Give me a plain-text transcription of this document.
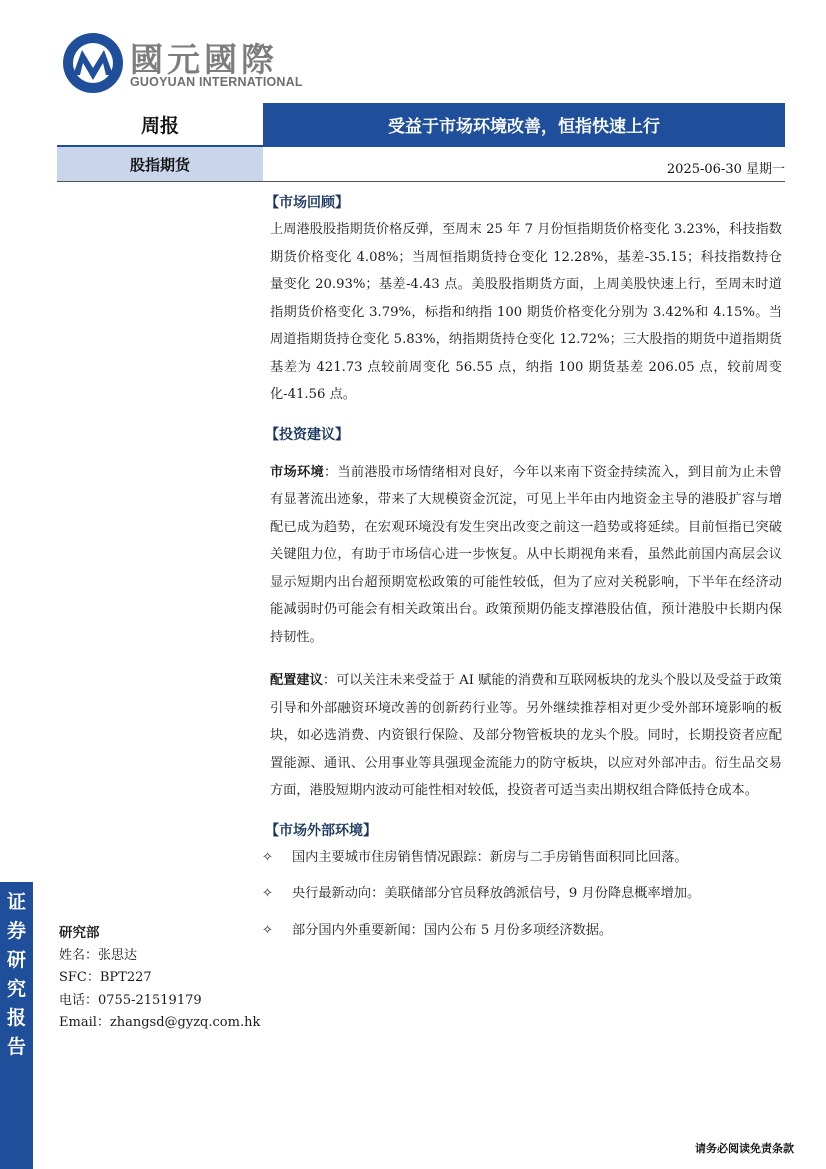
國元國際
GUOYUAN INTERNATIONAL
周报	受益于市场环境改善，恒指快速上行
股指期货	2025-06-30 星期一
【市场回顾】
上周港股股指期货价格反弹，至周末 25 年 7 月份恒指期货价格变化 3.23%，科技指数期货价格变化 4.08%；当周恒指期货持仓变化 12.28%，基差-35.15；科技指数持仓量变化 20.93%；基差-4.43 点。美股股指期货方面，上周美股快速上行，至周末时道指期货价格变化 3.79%，标指和纳指 100 期货价格变化分别为 3.42%和 4.15%。当周道指期货持仓变化 5.83%，纳指期货持仓变化 12.72%；三大股指的期货中道指期货基差为 421.73 点较前周变化 56.55 点，纳指 100 期货基差 206.05 点，较前周变化-41.56 点。
【投资建议】
市场环境：当前港股市场情绪相对良好，今年以来南下资金持续流入，到目前为止未曾有显著流出迹象，带来了大规模资金沉淀，可见上半年由内地资金主导的港股扩容与增配已成为趋势，在宏观环境没有发生突出改变之前这一趋势或将延续。目前恒指已突破关键阻力位，有助于市场信心进一步恢复。从中长期视角来看，虽然此前国内高层会议显示短期内出台超预期宽松政策的可能性较低，但为了应对关税影响，下半年在经济动能减弱时仍可能会有相关政策出台。政策预期仍能支撑港股估值，预计港股中长期内保持韧性。
配置建议：可以关注未来受益于 AI 赋能的消费和互联网板块的龙头个股以及受益于政策引导和外部融资环境改善的创新药行业等。另外继续推荐相对更少受外部环境影响的板块，如必选消费、内资银行保险、及部分物管板块的龙头个股。同时，长期投资者应配置能源、通讯、公用事业等具强现金流能力的防守板块，以应对外部冲击。衍生品交易方面，港股短期内波动可能性相对较低，投资者可适当卖出期权组合降低持仓成本。
【市场外部环境】
✧	国内主要城市住房销售情况跟踪：新房与二手房销售面积同比回落。
✧	央行最新动向：美联储部分官员释放鸽派信号，9 月份降息概率增加。
✧	部分国内外重要新闻：国内公布 5 月份多项经济数据。
证
券
研
究
报
告
研究部
姓名：张思达
SFC：BPT227
电话：0755-21519179
Email：zhangsd@gyzq.com.hk
请务必阅读免责条款
